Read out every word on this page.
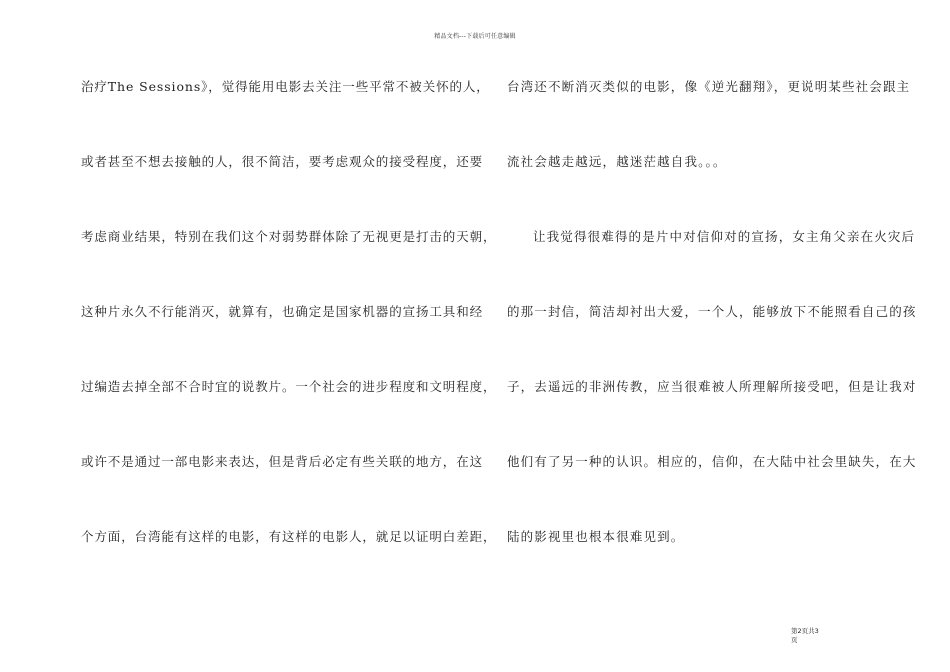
精品文档---下载后可任意编辑
治疗The Sessions》，觉得能用电影去关注一些平常不被关怀的人，
或者甚至不想去接触的人，很不简洁，要考虑观众的接受程度，还要
考虑商业结果，特别在我们这个对弱势群体除了无视更是打击的天朝，
这种片永久不行能消灭，就算有，也确定是国家机器的宣扬工具和经
过编造去掉全部不合时宜的说教片。一个社会的进步程度和文明程度，
或许不是通过一部电影来表达，但是背后必定有些关联的地方，在这
个方面，台湾能有这样的电影，有这样的电影人，就足以证明白差距，
台湾还不断消灭类似的电影，像《逆光翻翔》，更说明某些社会跟主
流社会越走越远，越迷茫越自我。。。
让我觉得很难得的是片中对信仰对的宣扬，女主角父亲在火灾后
的那一封信，简洁却衬出大爱，一个人，能够放下不能照看自己的孩
子，去遥远的非洲传教，应当很难被人所理解所接受吧，但是让我对
他们有了另一种的认识。相应的，信仰，在大陆中社会里缺失，在大
陆的影视里也根本很难见到。
第2页共3
页
